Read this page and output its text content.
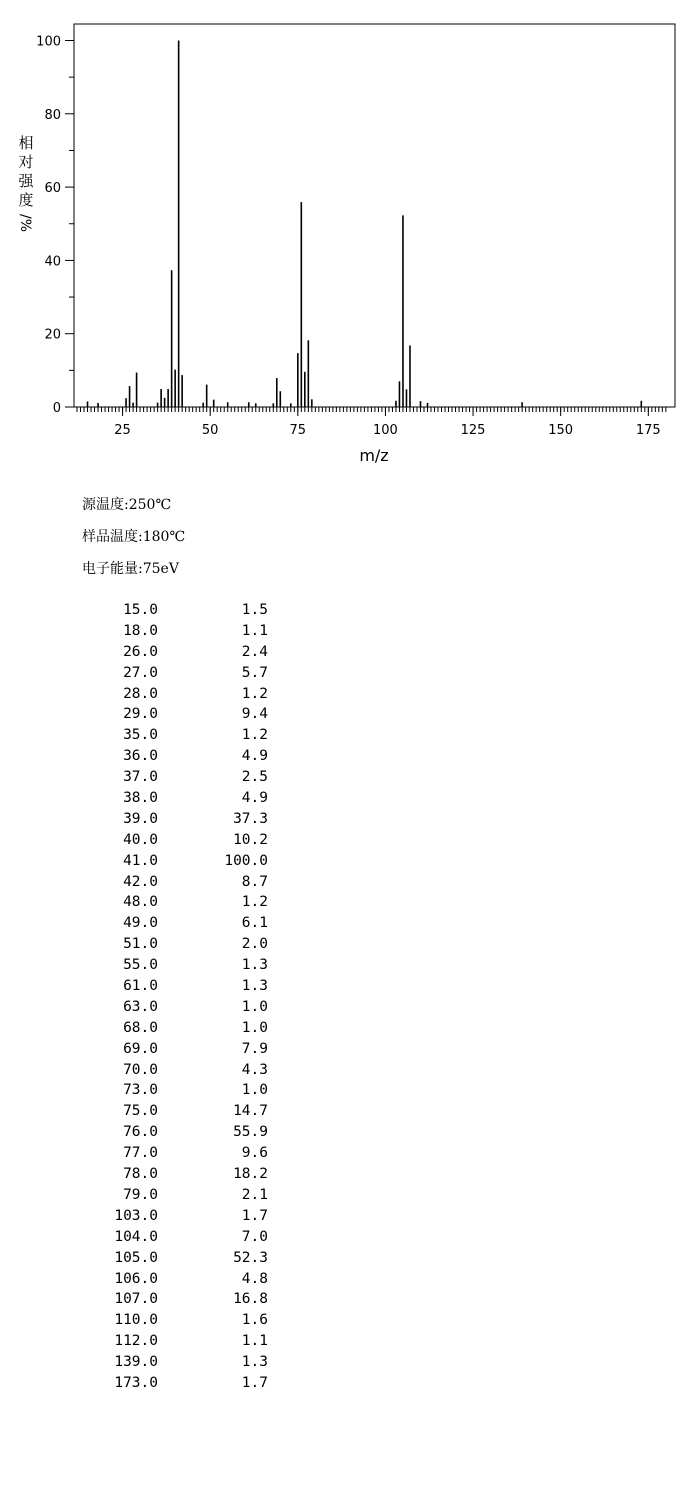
25	50	75	100	125	150	175
0
20
40
60
80
100
m/z
相
对
强
度
/%
源温度:250℃
样品温度:180℃
电子能量:75eV
15.0	1.5
18.0	1.1
26.0	2.4
27.0	5.7
28.0	1.2
29.0	9.4
35.0	1.2
36.0	4.9
37.0	2.5
38.0	4.9
39.0	37.3
40.0	10.2
41.0	100.0
42.0	8.7
48.0	1.2
49.0	6.1
51.0	2.0
55.0	1.3
61.0	1.3
63.0	1.0
68.0	1.0
69.0	7.9
70.0	4.3
73.0	1.0
75.0	14.7
76.0	55.9
77.0	9.6
78.0	18.2
79.0	2.1
103.0	1.7
104.0	7.0
105.0	52.3
106.0	4.8
107.0	16.8
110.0	1.6
112.0	1.1
139.0	1.3
173.0	1.7
